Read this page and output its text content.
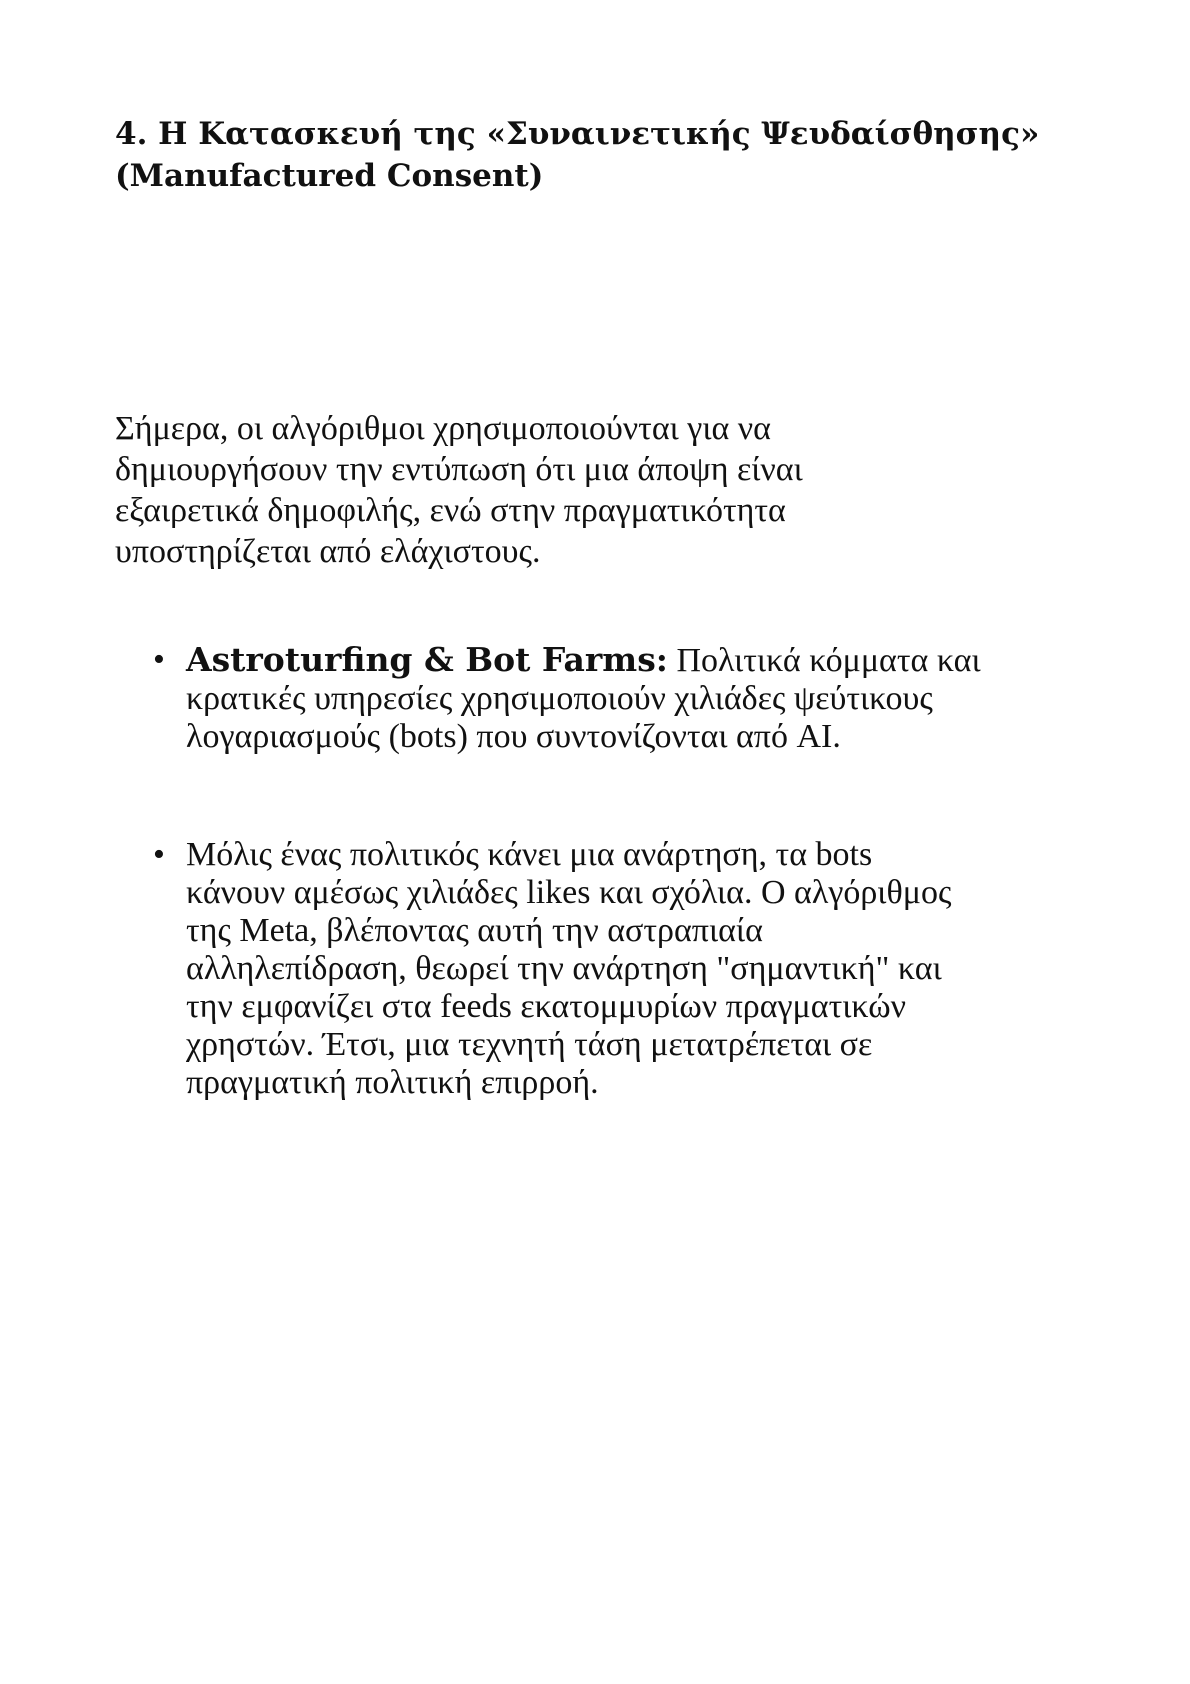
4. Η Κατασκευή της «Συναινετικής Ψευδαίσθησης»
(Manufactured Consent)

Σήμερα, οι αλγόριθμοι χρησιμοποιούνται για να
δημιουργήσουν την εντύπωση ότι μια άποψη είναι
εξαιρετικά δημοφιλής, ενώ στην πραγματικότητα
υποστηρίζεται από ελάχιστους.

• Astroturfing & Bot Farms: Πολιτικά κόμματα και
κρατικές υπηρεσίες χρησιμοποιούν χιλιάδες ψεύτικους
λογαριασμούς (bots) που συντονίζονται από AI.
• Μόλις ένας πολιτικός κάνει μια ανάρτηση, τα bots
κάνουν αμέσως χιλιάδες likes και σχόλια. Ο αλγόριθμος
της Meta, βλέποντας αυτή την αστραπιαία
αλληλεπίδραση, θεωρεί την ανάρτηση "σημαντική" και
την εμφανίζει στα feeds εκατομμυρίων πραγματικών
χρηστών. Έτσι, μια τεχνητή τάση μετατρέπεται σε
πραγματική πολιτική επιρροή.
